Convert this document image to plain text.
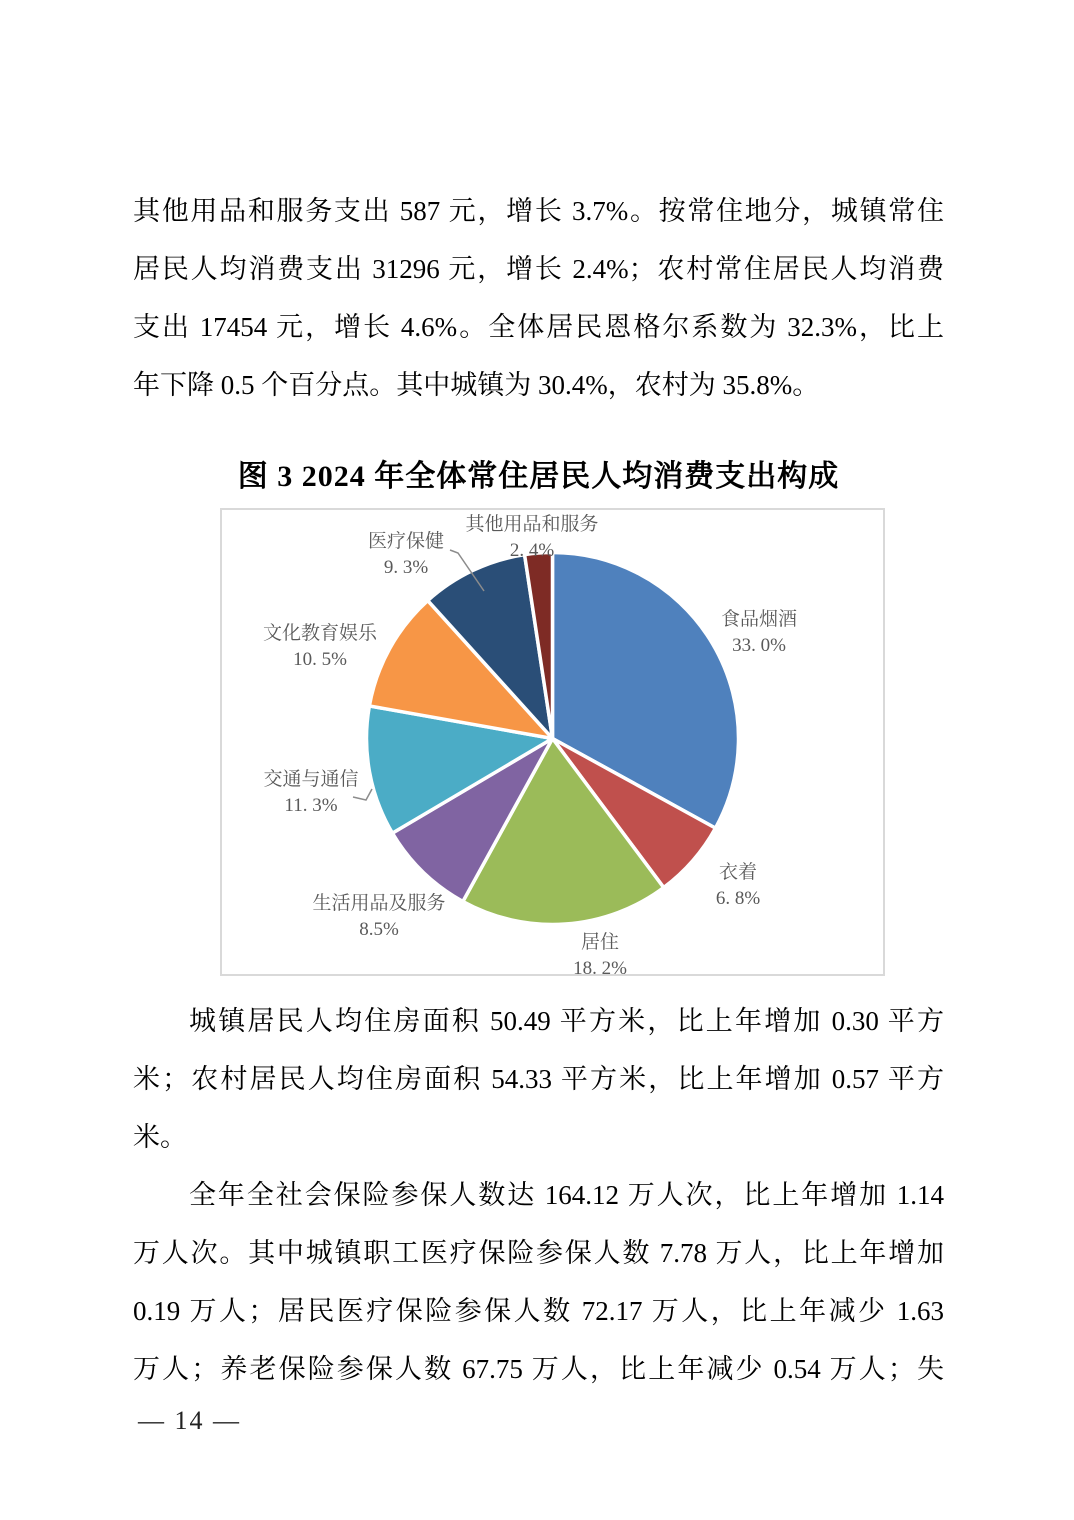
其他用品和服务支出 587 元，增长 3.7%。按常住地分，城镇常住
居民人均消费支出 31296 元，增长 2.4%；农村常住居民人均消费
支出 17454 元，增长 4.6%。全体居民恩格尔系数为 32.3%，比上
年下降 0.5 个百分点。其中城镇为 30.4%，农村为 35.8%。
图 3 2024 年全体常住居民人均消费支出构成
其他用品和服务
2. 4%
医疗保健
9. 3%
文化教育娱乐
10. 5%
交通与通信
11. 3%
生活用品及服务
8.5%
居住
18. 2%
衣着
6. 8%
食品烟酒
33. 0%
城镇居民人均住房面积 50.49 平方米，比上年增加 0.30 平方
米；农村居民人均住房面积 54.33 平方米，比上年增加 0.57 平方
米。
全年全社会保险参保人数达 164.12 万人次，比上年增加 1.14
万人次。其中城镇职工医疗保险参保人数 7.78 万人，比上年增加
0.19 万人；居民医疗保险参保人数 72.17 万人，比上年减少 1.63
万人；养老保险参保人数 67.75 万人，比上年减少 0.54 万人；失
— 14 —
